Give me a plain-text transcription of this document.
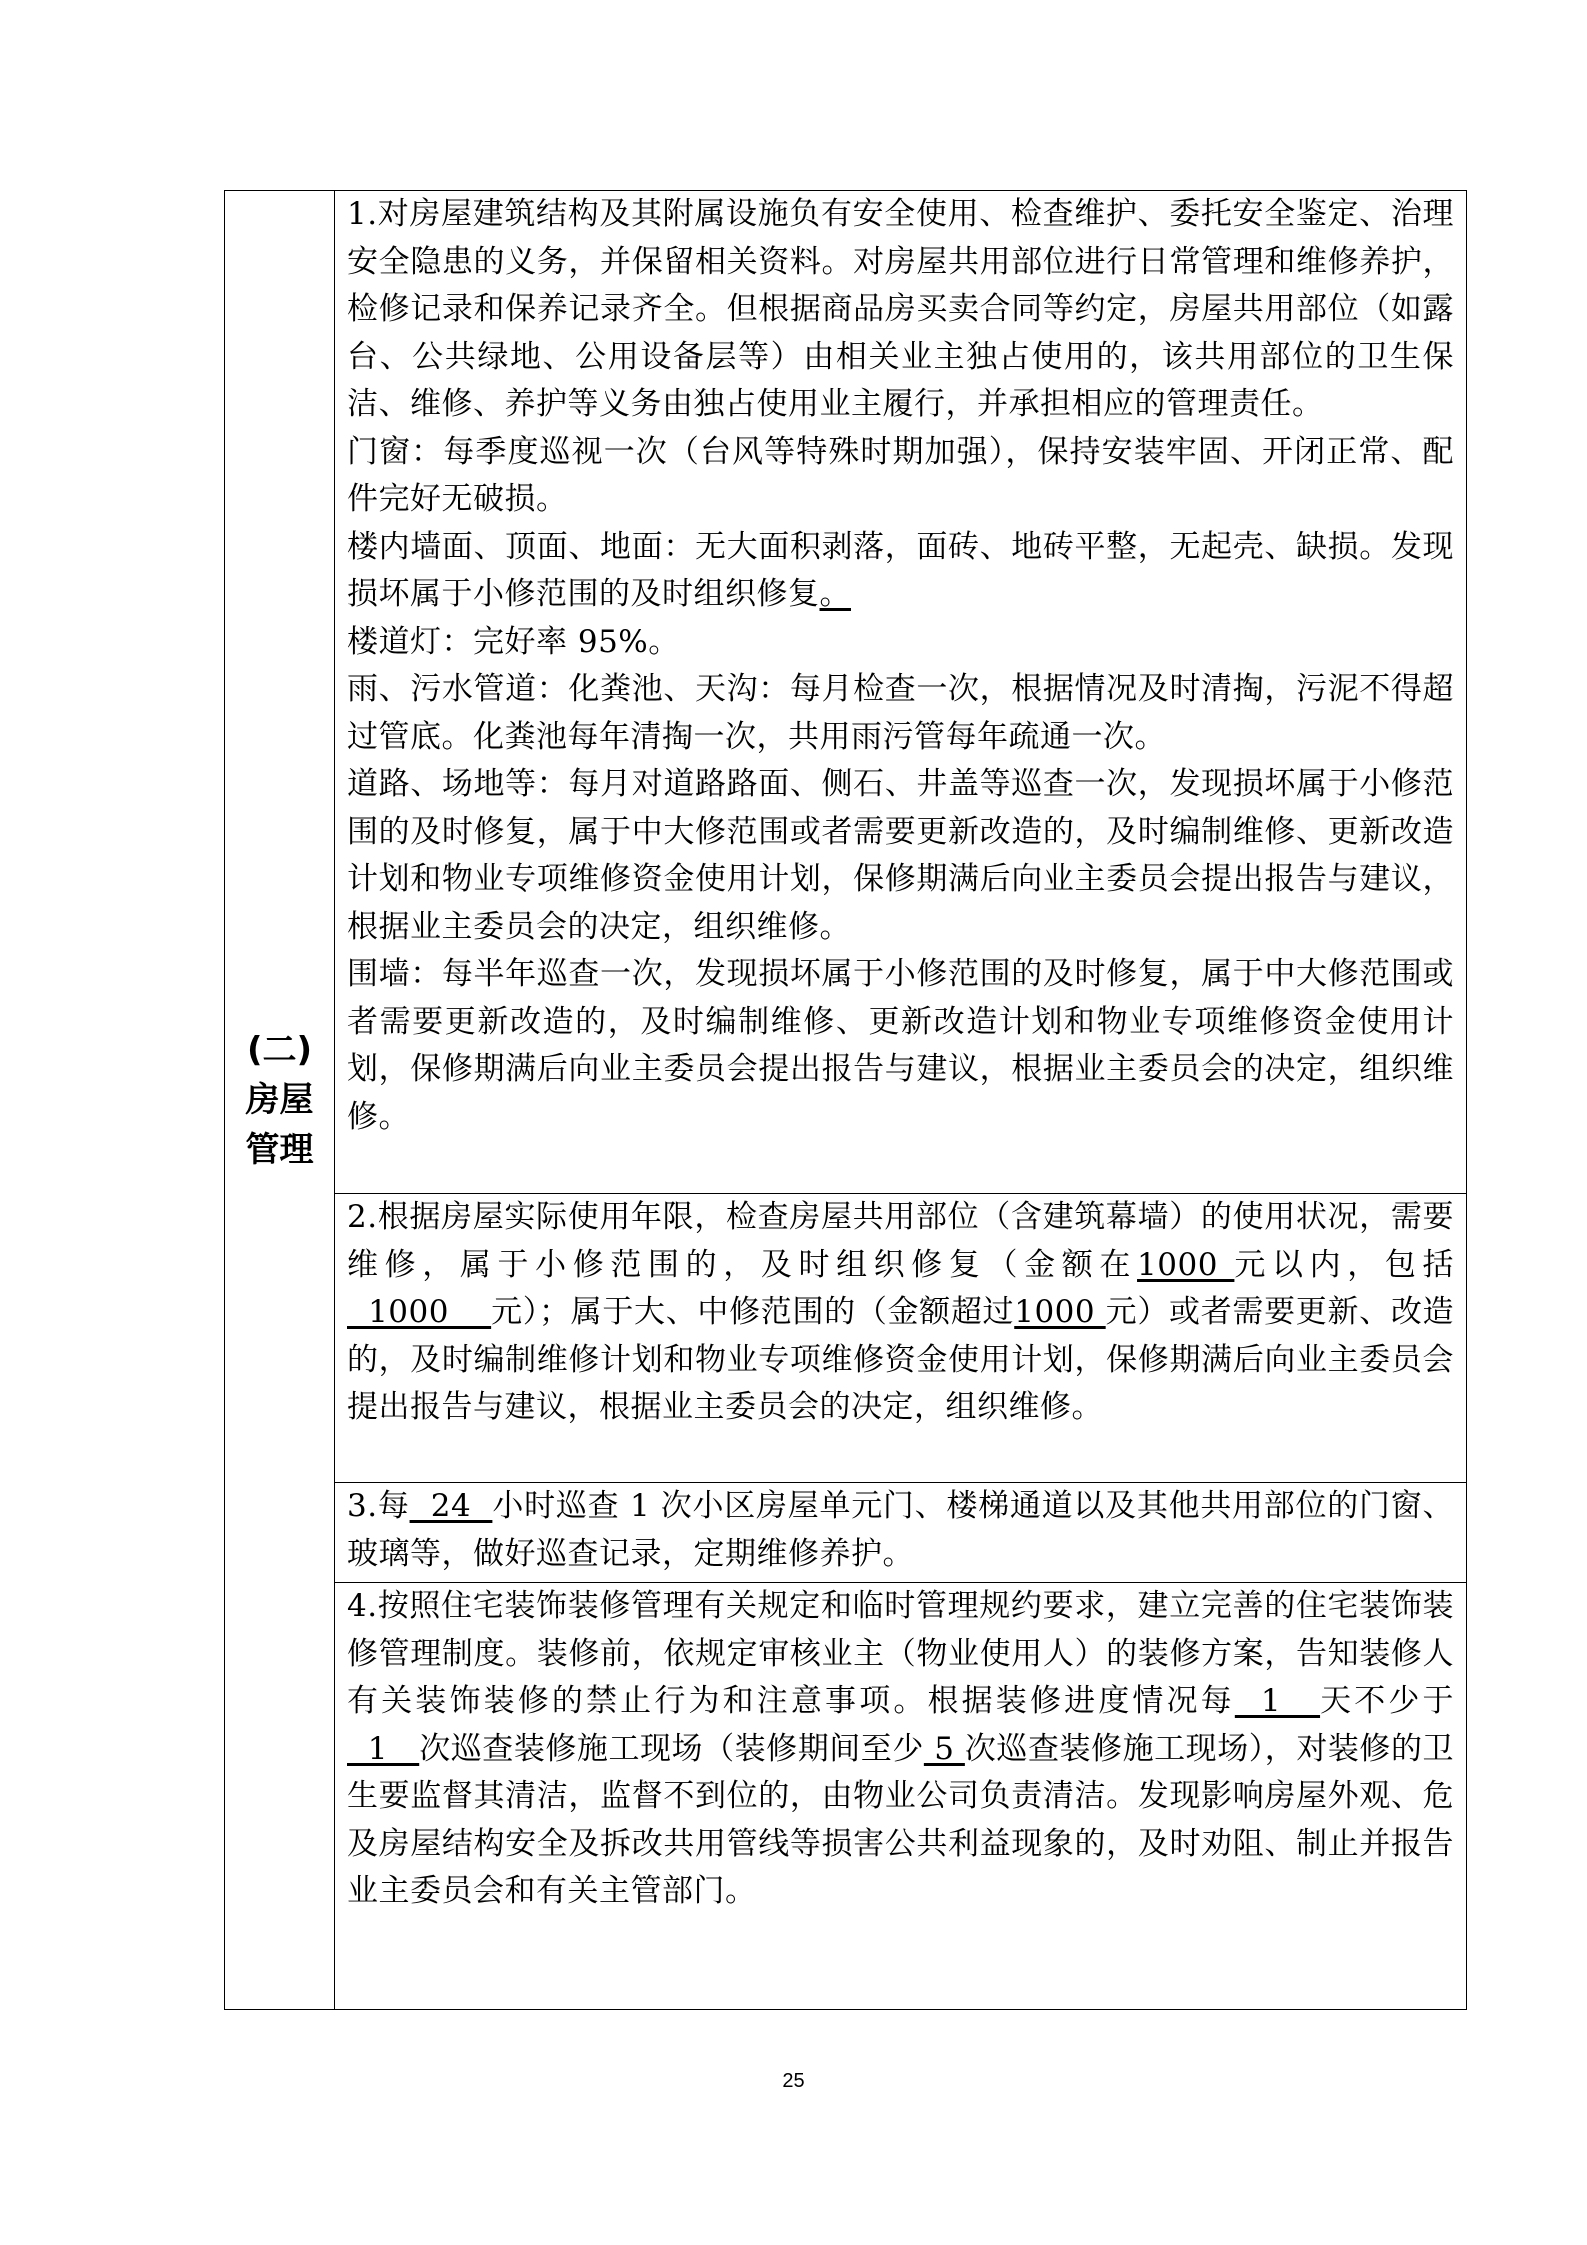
(二)
房屋
管理

1.对房屋建筑结构及其附属设施负有安全使用、检查维护、委托安全鉴定、治理安全隐患的义务，并保留相关资料。对房屋共用部位进行日常管理和维修养护，检修记录和保养记录齐全。但根据商品房买卖合同等约定，房屋共用部位（如露台、公共绿地、公用设备层等）由相关业主独占使用的，该共用部位的卫生保洁、维修、养护等义务由独占使用业主履行，并承担相应的管理责任。

门窗：每季度巡视一次（台风等特殊时期加强），保持安装牢固、开闭正常、配件完好无破损。

楼内墙面、顶面、地面：无大面积剥落，面砖、地砖平整，无起壳、缺损。发现损坏属于小修范围的及时组织修复。

楼道灯：完好率 95%。

雨、污水管道：化粪池、天沟：每月检查一次，根据情况及时清掏，污泥不得超过管底。化粪池每年清掏一次，共用雨污管每年疏通一次。

道路、场地等：每月对道路路面、侧石、井盖等巡查一次，发现损坏属于小修范围的及时修复，属于中大修范围或者需要更新改造的，及时编制维修、更新改造计划和物业专项维修资金使用计划，保修期满后向业主委员会提出报告与建议，根据业主委员会的决定，组织维修。

围墙：每半年巡查一次，发现损坏属于小修范围的及时修复，属于中大修范围或者需要更新改造的，及时编制维修、更新改造计划和物业专项维修资金使用计划，保修期满后向业主委员会提出报告与建议，根据业主委员会的决定，组织维修。

2.根据房屋实际使用年限，检查房屋共用部位（含建筑幕墙）的使用状况，需要维修，属于小修范围的，及时组织修复（金额在1000 元以内，包括  1000    元）；属于大、中修范围的（金额超过1000 元）或者需要更新、改造的，及时编制维修计划和物业专项维修资金使用计划，保修期满后向业主委员会提出报告与建议，根据业主委员会的决定，组织维修。

3.每  24  小时巡查 1 次小区房屋单元门、楼梯通道以及其他共用部位的门窗、玻璃等，做好巡查记录，定期维修养护。

4.按照住宅装饰装修管理有关规定和临时管理规约要求，建立完善的住宅装饰装修管理制度。装修前，依规定审核业主（物业使用人）的装修方案，告知装修人有关装饰装修的禁止行为和注意事项。根据装修进度情况每  1   天不少于  1   次巡查装修施工现场（装修期间至少 5 次巡查装修施工现场），对装修的卫生要监督其清洁，监督不到位的，由物业公司负责清洁。发现影响房屋外观、危及房屋结构安全及拆改共用管线等损害公共利益现象的，及时劝阻、制止并报告业主委员会和有关主管部门。

25
